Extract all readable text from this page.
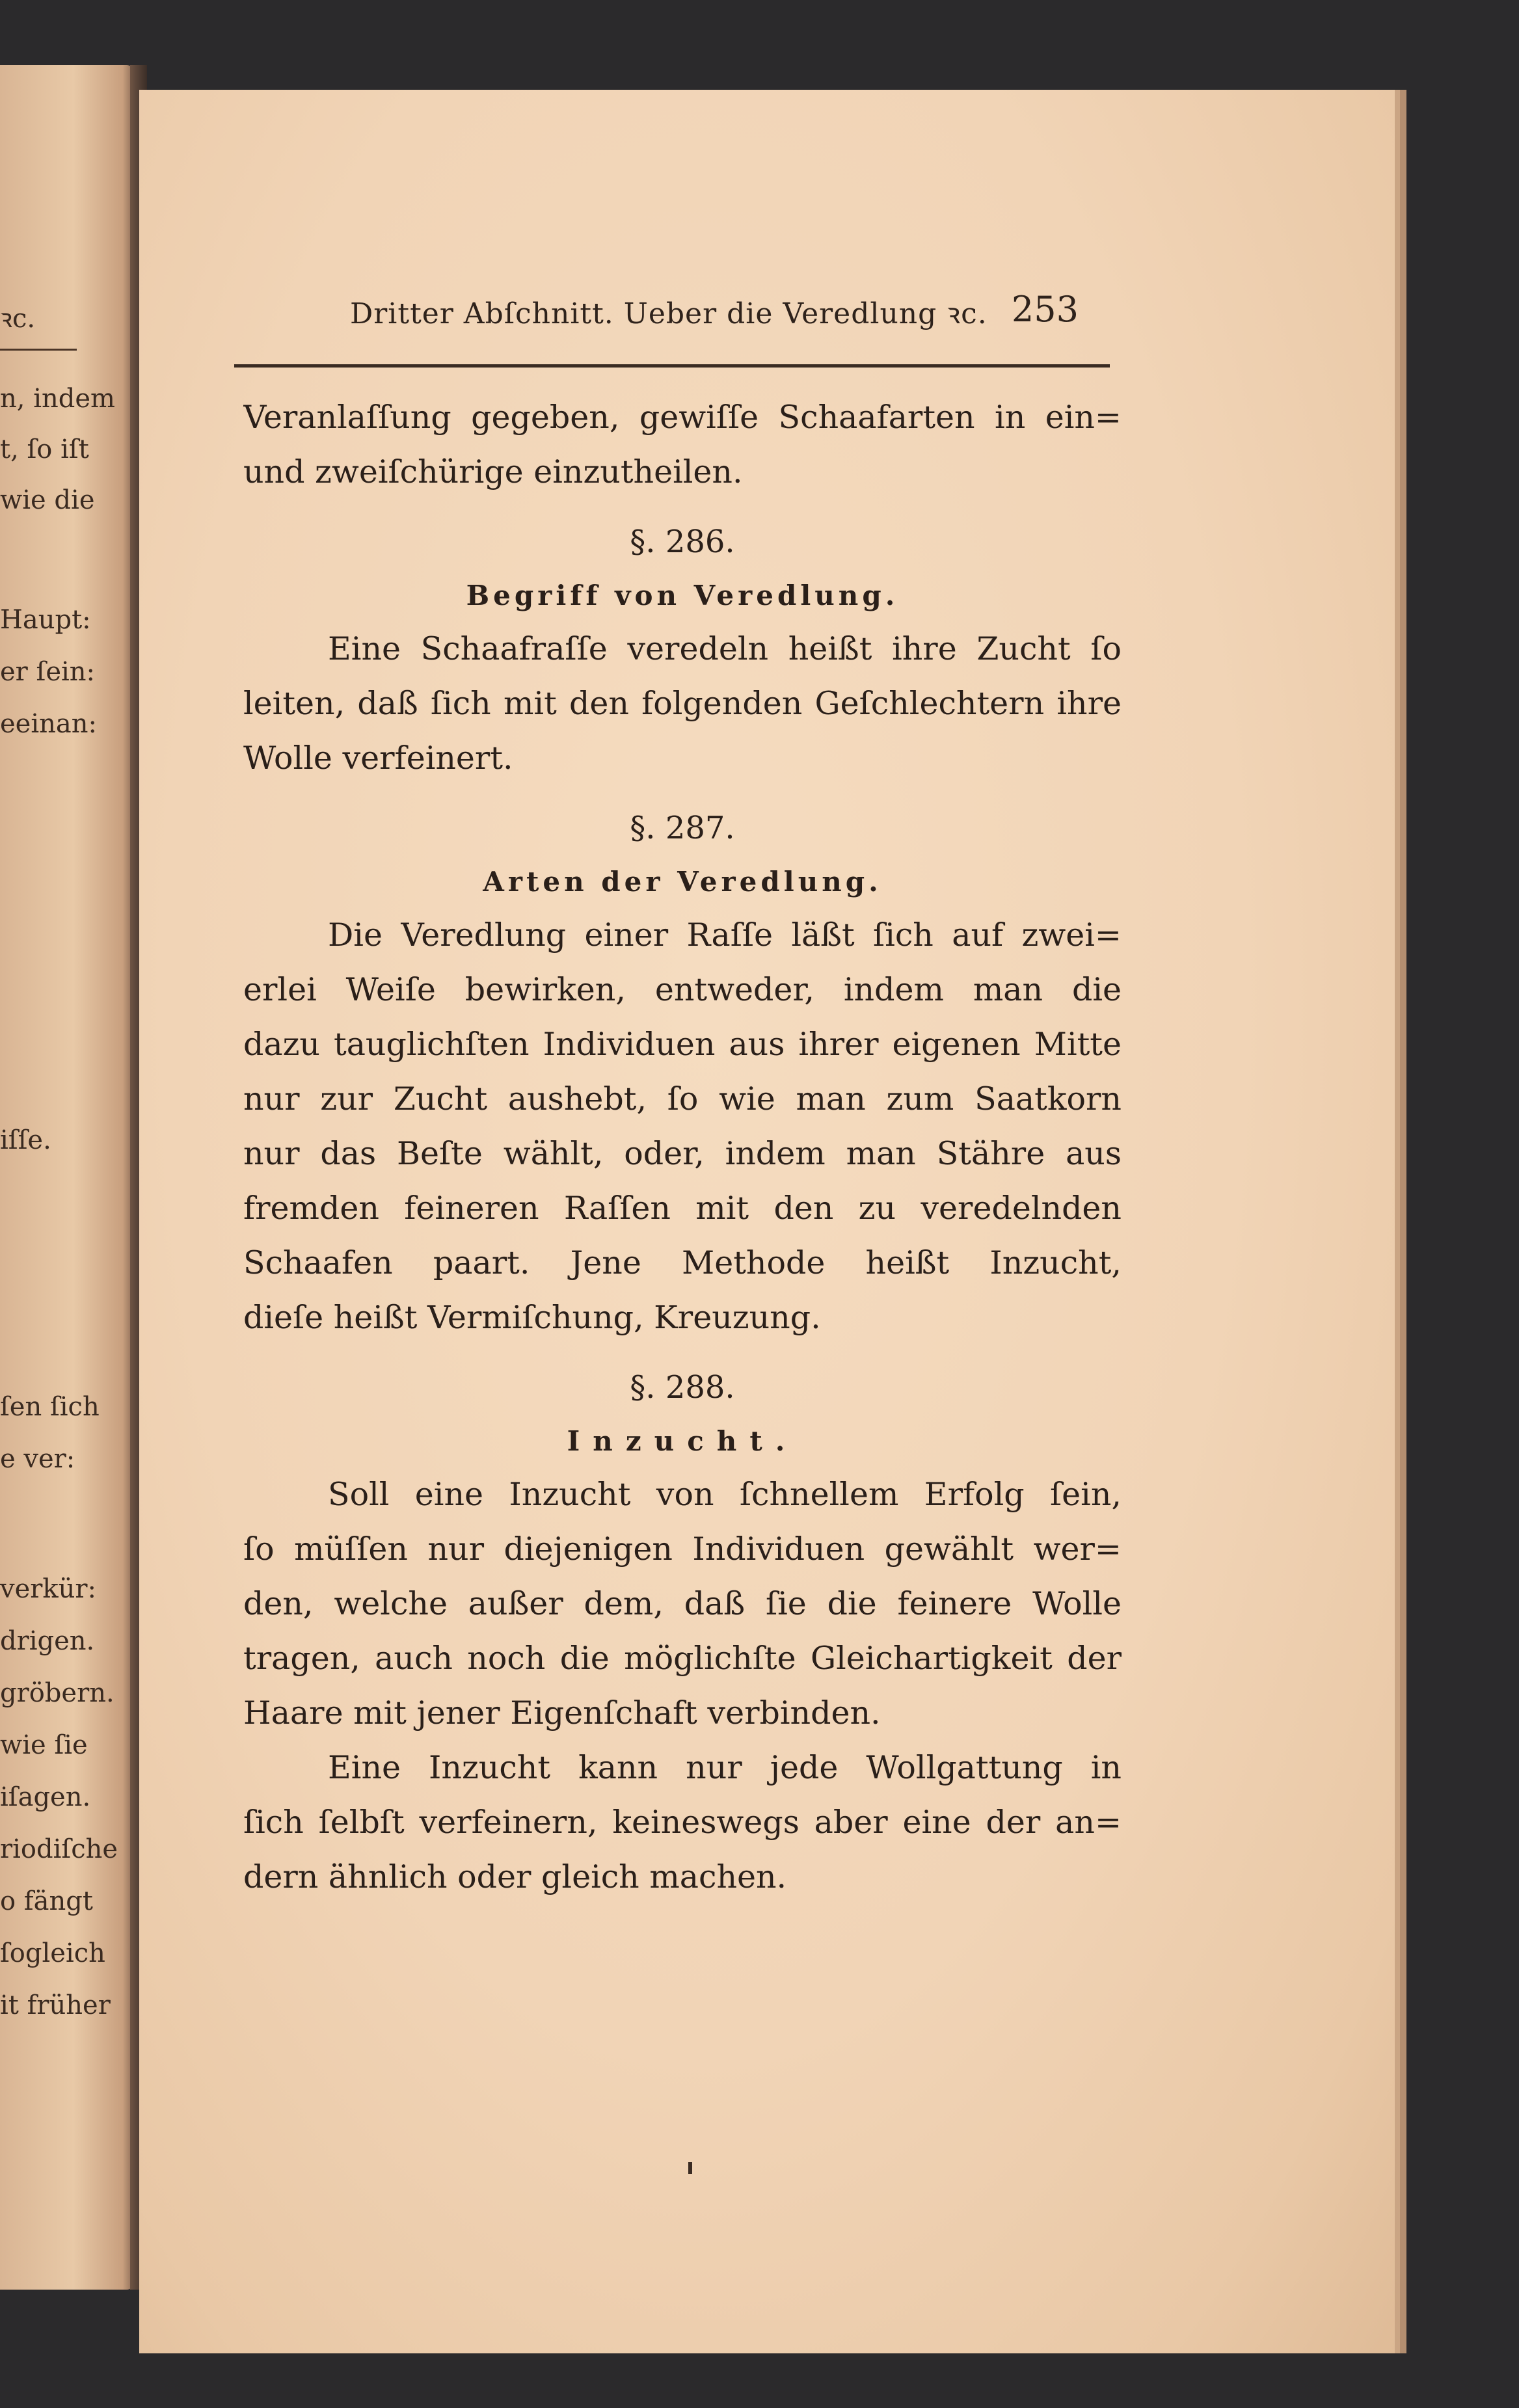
ꝛc.
n, indem
t, ſo iſt
wie die
Haupt:
er ſein:
eeinan:
iſſe.
ſen ſich
e ver:
verkür:
drigen.
gröbern.
wie ſie
iſagen.
riodiſche
o fängt
ſogleich
it früher
Dritter Abſchnitt. Ueber die Veredlung ꝛc. 253
Veranlaſſung gegeben, gewiſſe Schaafarten in ein=
und zweiſchürige einzutheilen.
§. 286.
Begriff von Veredlung.
Eine Schaafraſſe veredeln heißt ihre Zucht ſo
leiten, daß ſich mit den folgenden Geſchlechtern ihre
Wolle verfeinert.
§. 287.
Arten der Veredlung.
Die Veredlung einer Raſſe läßt ſich auf zwei=
erlei Weiſe bewirken, entweder, indem man die
dazu tauglichſten Individuen aus ihrer eigenen Mitte
nur zur Zucht aushebt, ſo wie man zum Saatkorn
nur das Beſte wählt, oder, indem man Stähre aus
fremden feineren Raſſen mit den zu veredelnden
Schaafen paart. Jene Methode heißt Inzucht,
dieſe heißt Vermiſchung, Kreuzung.
§. 288.
Inzucht.
Soll eine Inzucht von ſchnellem Erfolg ſein,
ſo müſſen nur diejenigen Individuen gewählt wer=
den, welche außer dem, daß ſie die feinere Wolle
tragen, auch noch die möglichſte Gleichartigkeit der
Haare mit jener Eigenſchaft verbinden.
Eine Inzucht kann nur jede Wollgattung in
ſich ſelbſt verfeinern, keineswegs aber eine der an=
dern ähnlich oder gleich machen.
